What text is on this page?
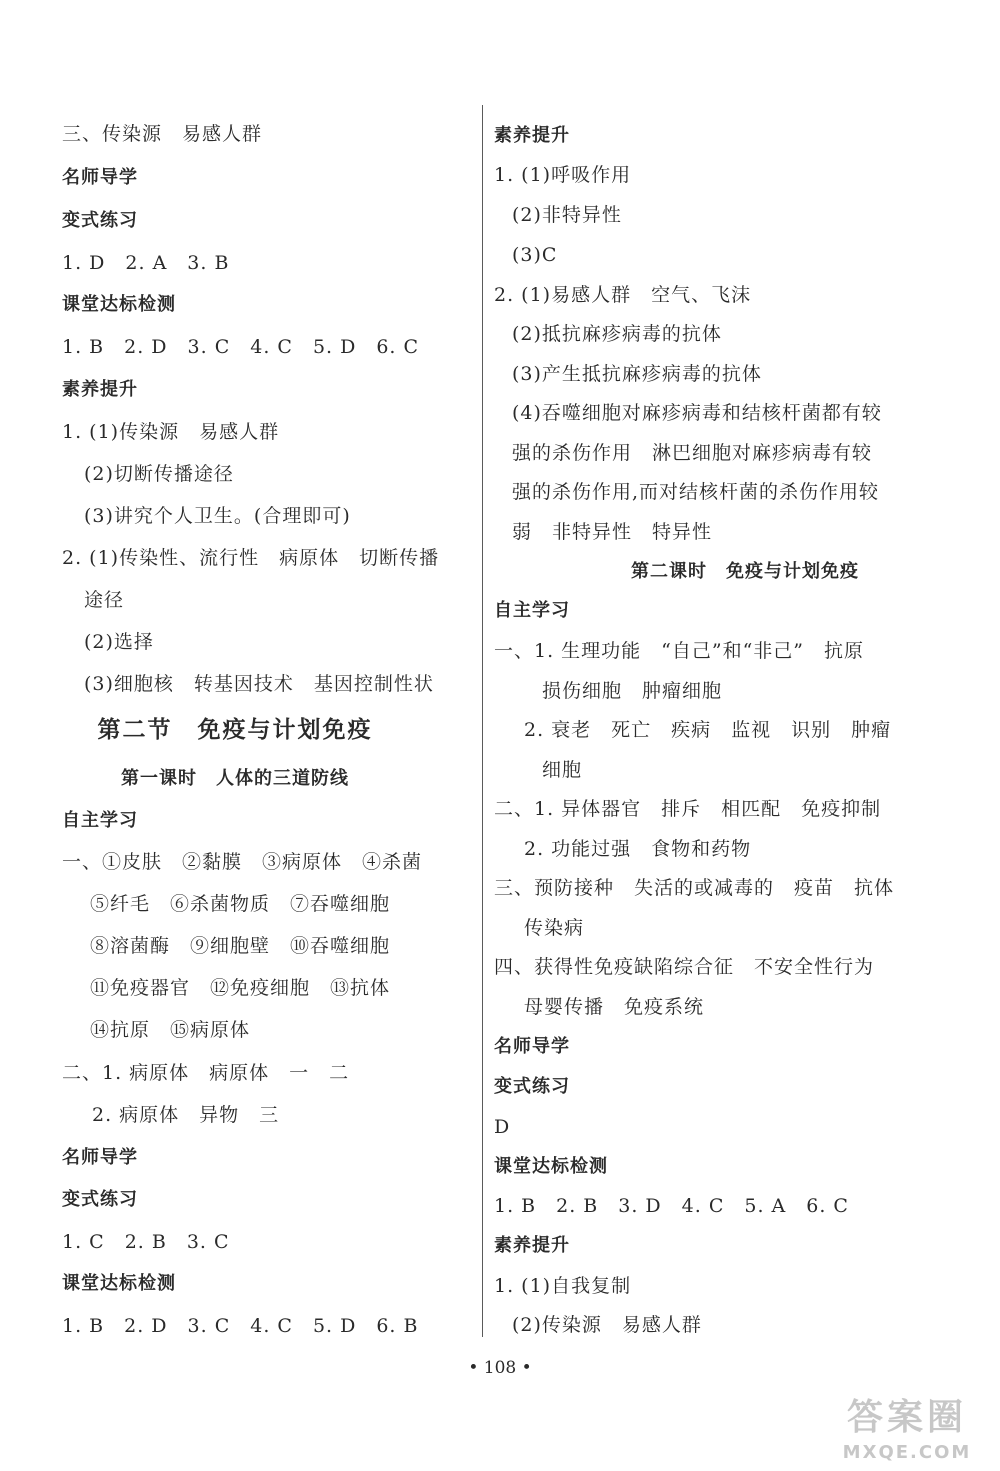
三、传染源　易感人群
名师导学
变式练习
1. D　2. A　3. B
课堂达标检测
1. B　2. D　3. C　4. C　5. D　6. C
素养提升
1. (1)传染源　易感人群
(2)切断传播途径
(3)讲究个人卫生。(合理即可)
2. (1)传染性、流行性　病原体　切断传播
途径
(2)选择
(3)细胞核　转基因技术　基因控制性状
第二节　免疫与计划免疫
第一课时　人体的三道防线
自主学习
一、①皮肤　②黏膜　③病原体　④杀菌
⑤纤毛　⑥杀菌物质　⑦吞噬细胞
⑧溶菌酶　⑨细胞壁　⑩吞噬细胞
⑪免疫器官　⑫免疫细胞　⑬抗体
⑭抗原　⑮病原体
二、1. 病原体　病原体　一　二
2. 病原体　异物　三
名师导学
变式练习
1. C　2. B　3. C
课堂达标检测
1. B　2. D　3. C　4. C　5. D　6. B
素养提升
1. (1)呼吸作用
(2)非特异性
(3)C
2. (1)易感人群　空气、飞沫
(2)抵抗麻疹病毒的抗体
(3)产生抵抗麻疹病毒的抗体
(4)吞噬细胞对麻疹病毒和结核杆菌都有较
强的杀伤作用　淋巴细胞对麻疹病毒有较
强的杀伤作用,而对结核杆菌的杀伤作用较
弱　非特异性　特异性
第二课时　免疫与计划免疫
自主学习
一、1. 生理功能　“自己”和“非己”　抗原
损伤细胞　肿瘤细胞
2. 衰老　死亡　疾病　监视　识别　肿瘤
细胞
二、1. 异体器官　排斥　相匹配　免疫抑制
2. 功能过强　食物和药物
三、预防接种　失活的或减毒的　疫苗　抗体
传染病
四、获得性免疫缺陷综合征　不安全性行为
母婴传播　免疫系统
名师导学
变式练习
D
课堂达标检测
1. B　2. B　3. D　4. C　5. A　6. C
素养提升
1. (1)自我复制
(2)传染源　易感人群
• 108 •
答案圈
MXQE.COM
